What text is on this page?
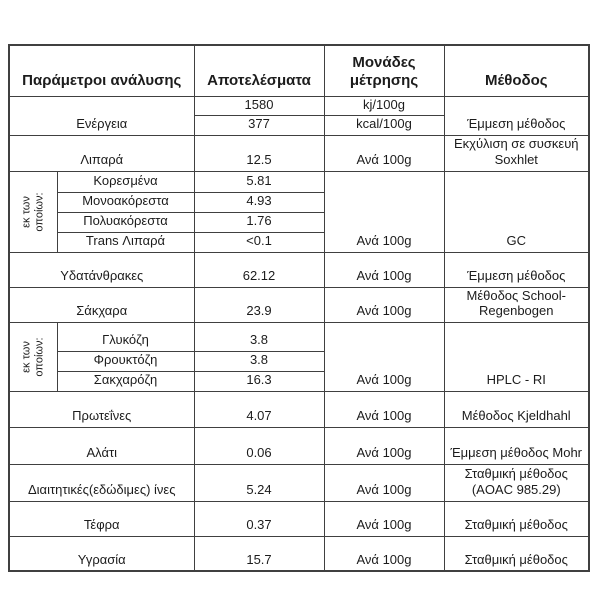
Παράμετροι ανάλυσης		Αποτελέσματα	Μονάδες μέτρησης	Μέθοδος
Ενέργεια		1580	kj/100g	Έμμεση μέθοδος
		377	kcal/100g	
Λιπαρά		12.5	Ανά 100g	Εκχύλιση σε συσκευή Soxhlet

εκ των οποίων:	Κορεσμένα	5.81	Ανά 100g	GC
	Μονοακόρεστα	4.93		
	Πολυακόρεστα	1.76		
	Trans Λιπαρά	<0.1		
Υδατάνθρακες		62.12	Ανά 100g	Έμμεση μέθοδος
Σάκχαρα		23.9	Ανά 100g	Μέθοδος School-Regenbogen

εκ των οποίων:	Γλυκόζη	3.8	Ανά 100g	HPLC - RI
	Φρουκτόζη	3.8		
	Σακχαρόζη	16.3		
Πρωτεΐνες		4.07	Ανά 100g	Μέθοδος Kjeldhahl
Αλάτι		0.06	Ανά 100g	Έμμεση μέθοδος Mohr
Διαιτητικές(εδώδιμες) ίνες		5.24	Ανά 100g	Σταθμική μέθοδος (AOAC 985.29)
Τέφρα		0.37	Ανά 100g	Σταθμική μέθοδος
Υγρασία		15.7	Ανά 100g	Σταθμική μέθοδος
